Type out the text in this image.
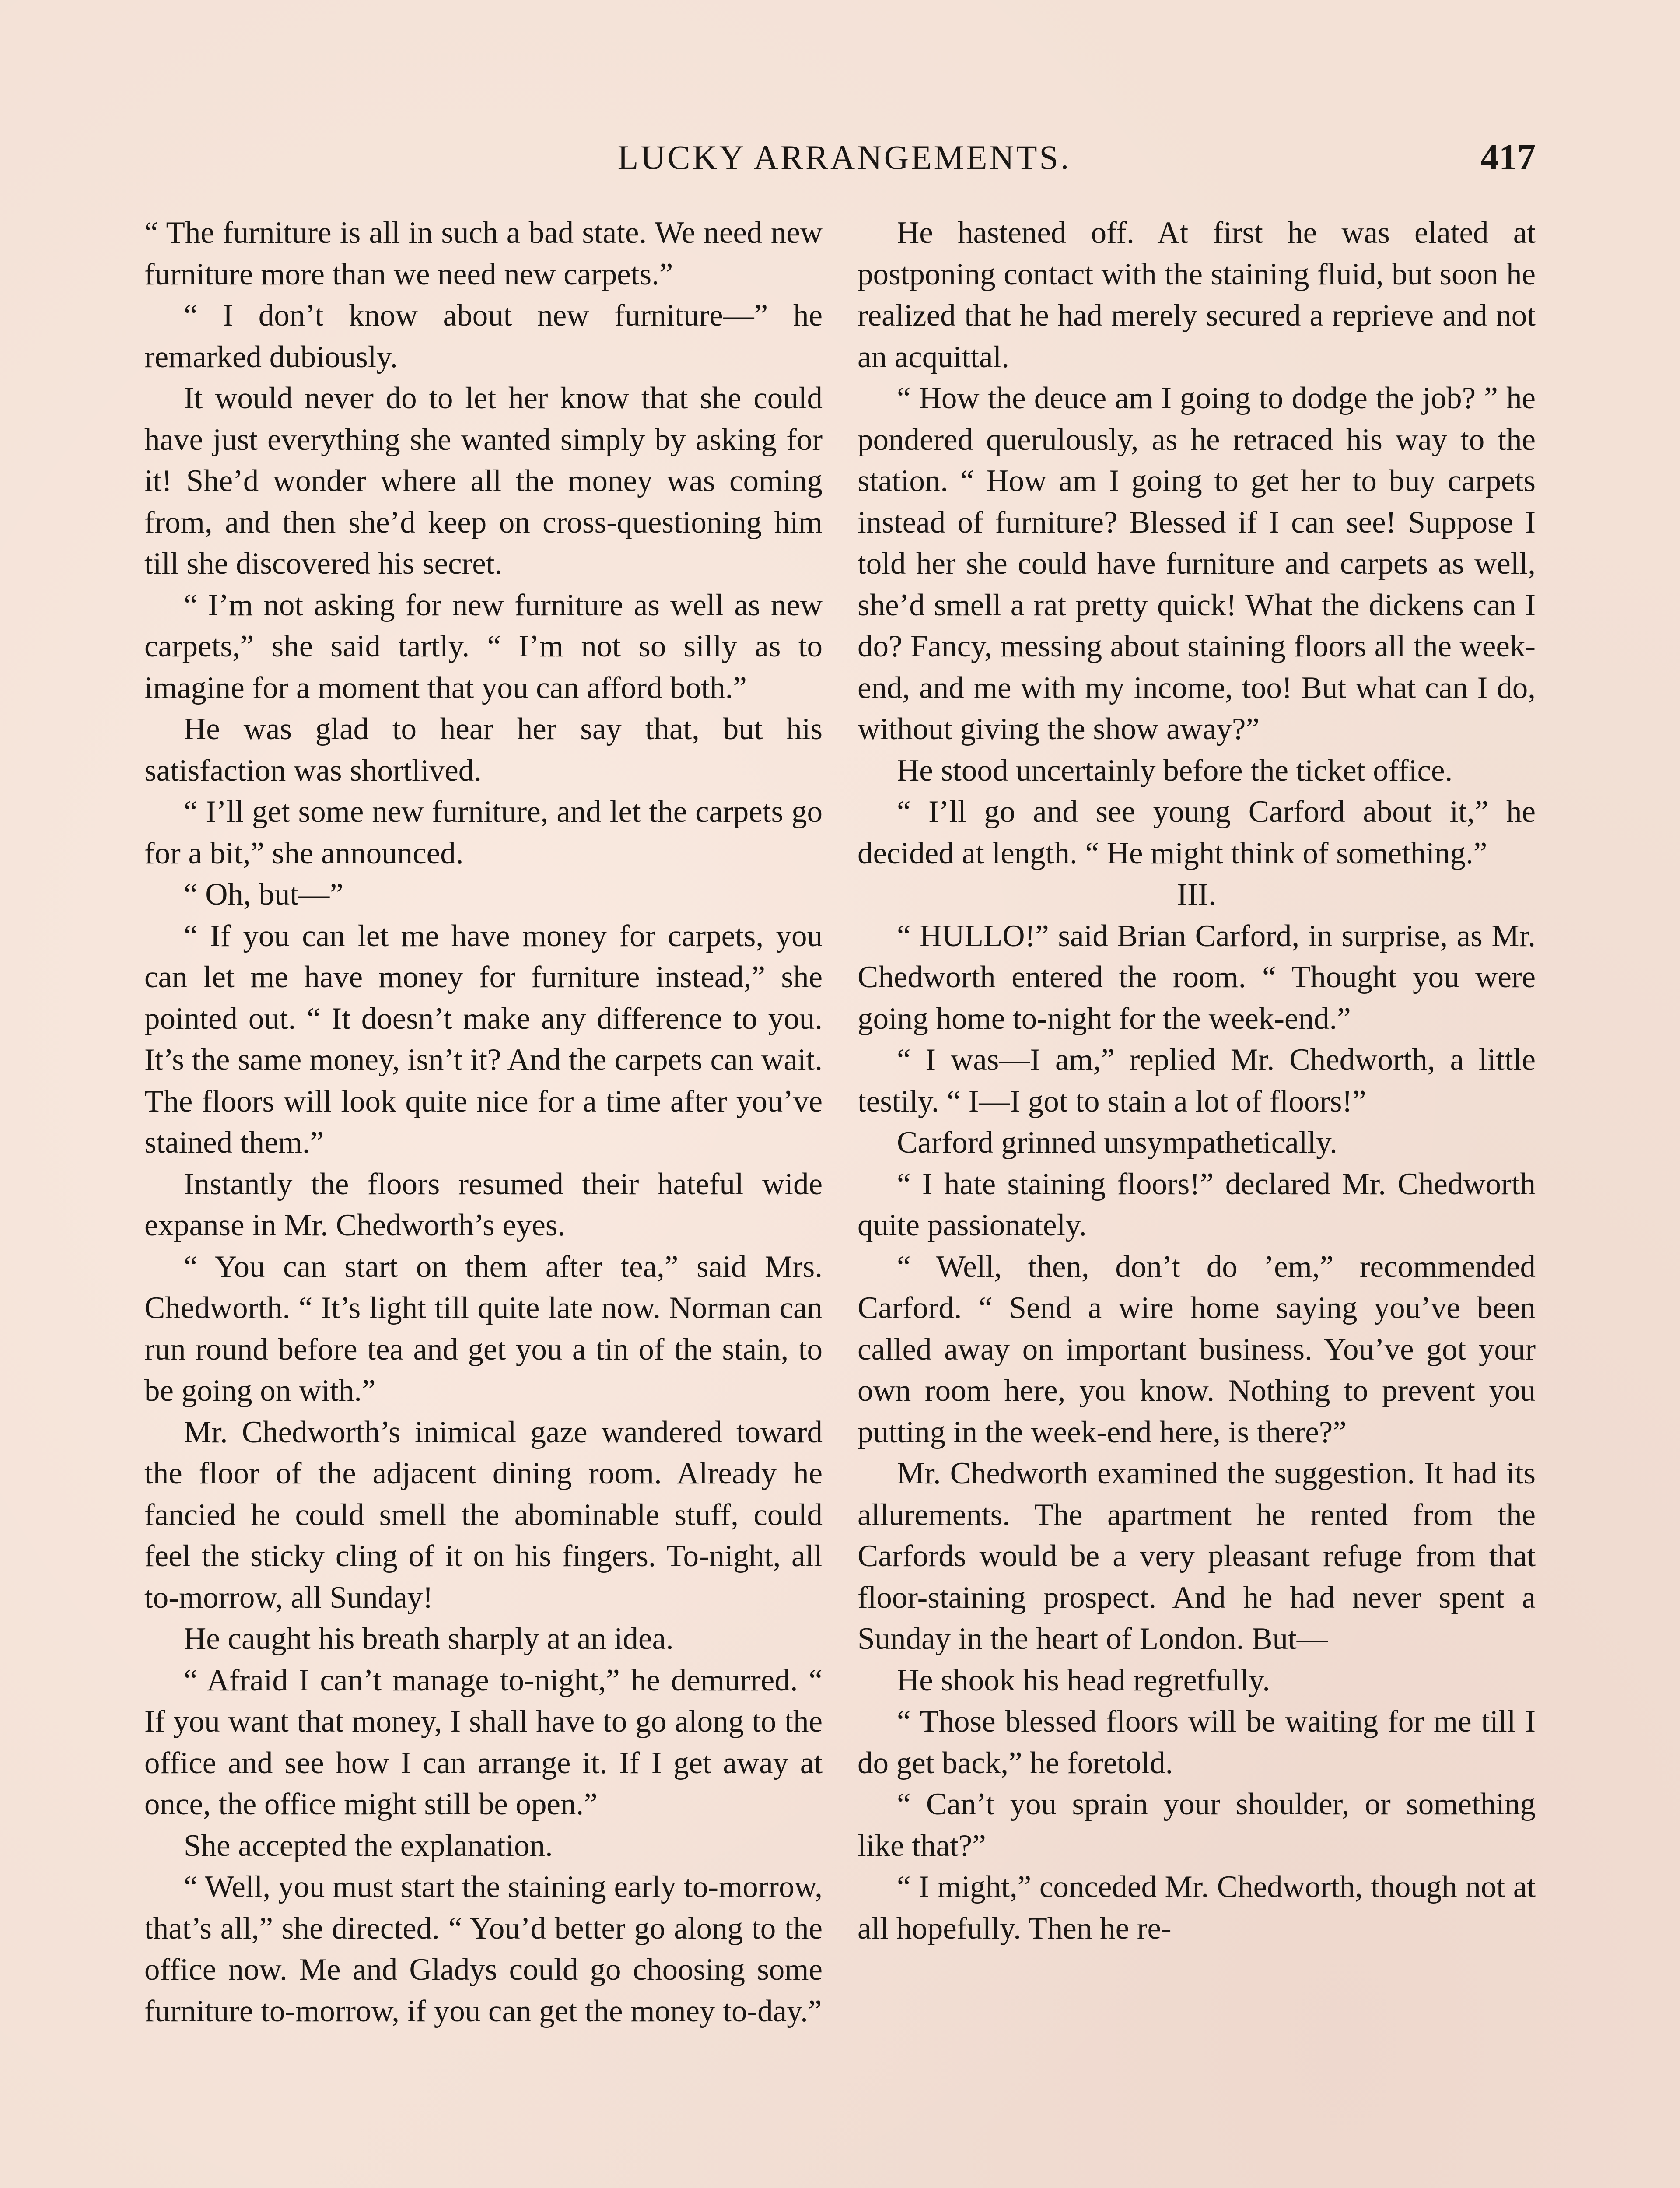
LUCKY ARRANGEMENTS.	417

“ The furniture is all in such a bad state. We need new furniture more than we need new carpets.”

“ I don’t know about new furniture—” he remarked dubiously.

It would never do to let her know that she could have just everything she wanted simply by asking for it! She’d wonder where all the money was coming from, and then she’d keep on cross-questioning him till she discovered his secret.

“ I’m not asking for new furniture as well as new carpets,” she said tartly. “ I’m not so silly as to imagine for a moment that you can afford both.”

He was glad to hear her say that, but his satisfaction was shortlived.

“ I’ll get some new furniture, and let the carpets go for a bit,” she announced.

“ Oh, but—”

“ If you can let me have money for carpets, you can let me have money for furniture instead,” she pointed out. “ It doesn’t make any difference to you. It’s the same money, isn’t it? And the carpets can wait. The floors will look quite nice for a time after you’ve stained them.”

Instantly the floors resumed their hateful wide expanse in Mr. Chedworth’s eyes.

“ You can start on them after tea,” said Mrs. Chedworth. “ It’s light till quite late now. Norman can run round before tea and get you a tin of the stain, to be going on with.”

Mr. Chedworth’s inimical gaze wandered toward the floor of the adjacent dining room. Already he fancied he could smell the abominable stuff, could feel the sticky cling of it on his fingers. To-night, all to-morrow, all Sunday!

He caught his breath sharply at an idea.

“ Afraid I can’t manage to-night,” he demurred. “ If you want that money, I shall have to go along to the office and see how I can arrange it. If I get away at once, the office might still be open.”

She accepted the explanation.

“ Well, you must start the staining early to-morrow, that’s all,” she directed. “ You’d better go along to the office now. Me and Gladys could go choosing some furniture to-morrow, if you can get the money to-day.”

He hastened off. At first he was elated at postponing contact with the staining fluid, but soon he realized that he had merely secured a reprieve and not an acquittal.

“ How the deuce am I going to dodge the job? ” he pondered querulously, as he retraced his way to the station. “ How am I going to get her to buy carpets instead of furniture? Blessed if I can see! Suppose I told her she could have furniture and carpets as well, she’d smell a rat pretty quick! What the dickens can I do? Fancy, messing about staining floors all the week-end, and me with my income, too! But what can I do, without giving the show away?”

He stood uncertainly before the ticket office.

“ I’ll go and see young Carford about it,” he decided at length. “ He might think of something.”

III.

“ HULLO!” said Brian Carford, in surprise, as Mr. Chedworth entered the room. “ Thought you were going home to-night for the week-end.”

“ I was—I am,” replied Mr. Chedworth, a little testily. “ I—I got to stain a lot of floors!”

Carford grinned unsympathetically.

“ I hate staining floors!” declared Mr. Chedworth quite passionately.

“ Well, then, don’t do ’em,” recommended Carford. “ Send a wire home saying you’ve been called away on important business. You’ve got your own room here, you know. Nothing to prevent you putting in the week-end here, is there?”

Mr. Chedworth examined the suggestion. It had its allurements. The apartment he rented from the Carfords would be a very pleasant refuge from that floor-staining prospect. And he had never spent a Sunday in the heart of London. But—

He shook his head regretfully.

“ Those blessed floors will be waiting for me till I do get back,” he foretold.

“ Can’t you sprain your shoulder, or something like that?”

“ I might,” conceded Mr. Chedworth, though not at all hopefully. Then he re-
